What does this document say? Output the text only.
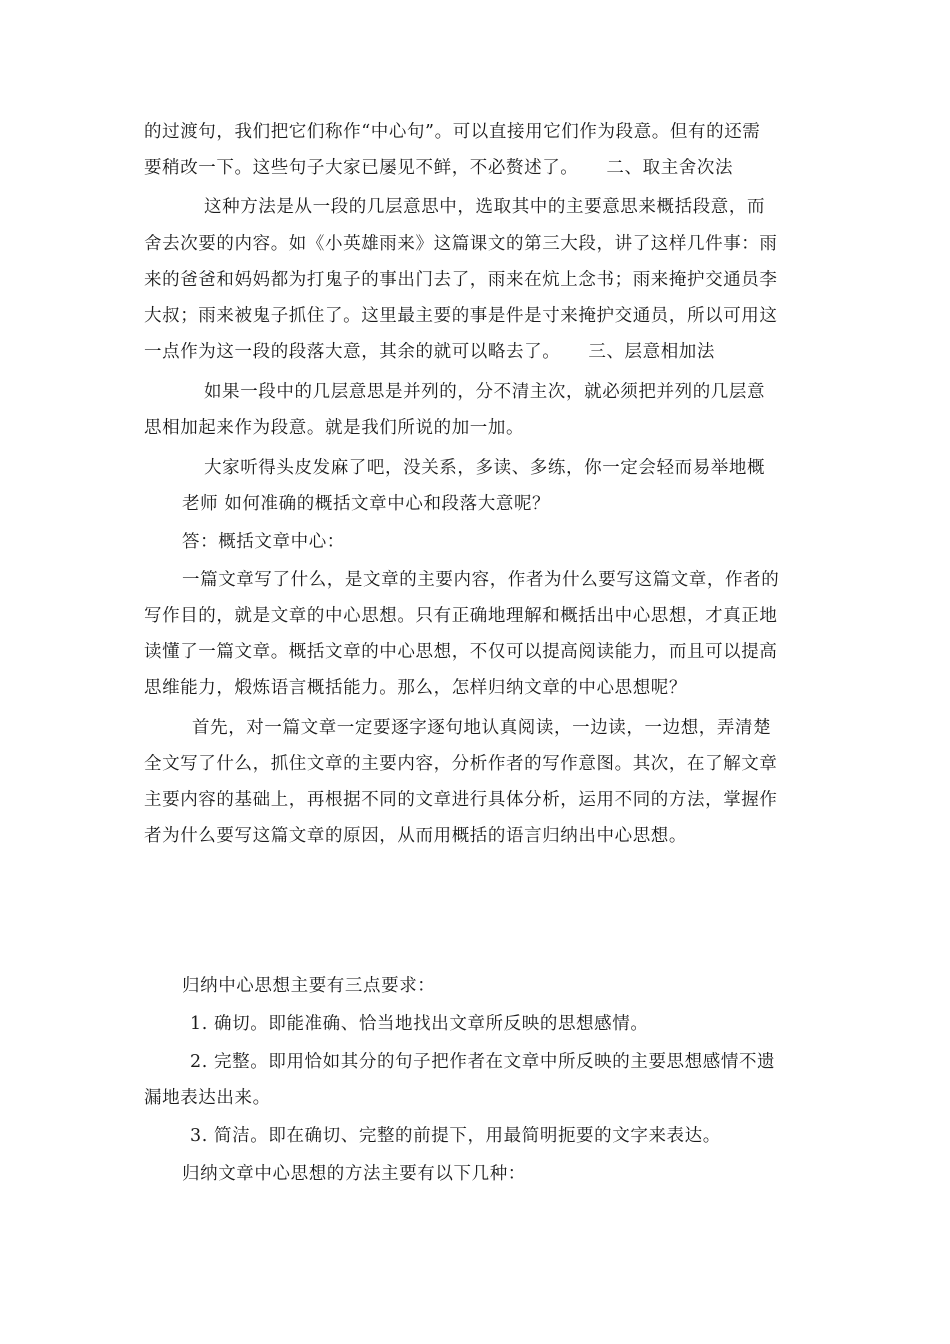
的过渡句，我们把它们称作“中心句”。可以直接用它们作为段意。但有的还需
要稍改一下。这些句子大家已屡见不鲜，不必赘述了。 二、取主舍次法
这种方法是从一段的几层意思中，选取其中的主要意思来概括段意，而
舍去次要的内容。如《小英雄雨来》这篇课文的第三大段，讲了这样几件事：雨
来的爸爸和妈妈都为打鬼子的事出门去了，雨来在炕上念书；雨来掩护交通员李
大叔；雨来被鬼子抓住了。这里最主要的事是件是寸来掩护交通员，所以可用这
一点作为这一段的段落大意，其余的就可以略去了。 三、层意相加法
如果一段中的几层意思是并列的，分不清主次，就必须把并列的几层意
思相加起来作为段意。就是我们所说的加一加。
大家听得头皮发麻了吧，没关系，多读、多练，你一定会轻而易举地概
老师 如何准确的概括文章中心和段落大意呢？
答：概括文章中心：
一篇文章写了什么，是文章的主要内容，作者为什么要写这篇文章，作者的
写作目的，就是文章的中心思想。只有正确地理解和概括出中心思想，才真正地
读懂了一篇文章。概括文章的中心思想，不仅可以提高阅读能力，而且可以提高
思维能力，煅炼语言概括能力。那么，怎样归纳文章的中心思想呢？
首先，对一篇文章一定要逐字逐句地认真阅读，一边读，一边想，弄清楚
全文写了什么，抓住文章的主要内容，分析作者的写作意图。其次，在了解文章
主要内容的基础上，再根据不同的文章进行具体分析，运用不同的方法，掌握作
者为什么要写这篇文章的原因，从而用概括的语言归纳出中心思想。
归纳中心思想主要有三点要求：
1. 确切。即能准确、恰当地找出文章所反映的思想感情。
2. 完整。即用恰如其分的句子把作者在文章中所反映的主要思想感情不遗
漏地表达出来。
3. 简洁。即在确切、完整的前提下，用最简明扼要的文字来表达。
归纳文章中心思想的方法主要有以下几种：
